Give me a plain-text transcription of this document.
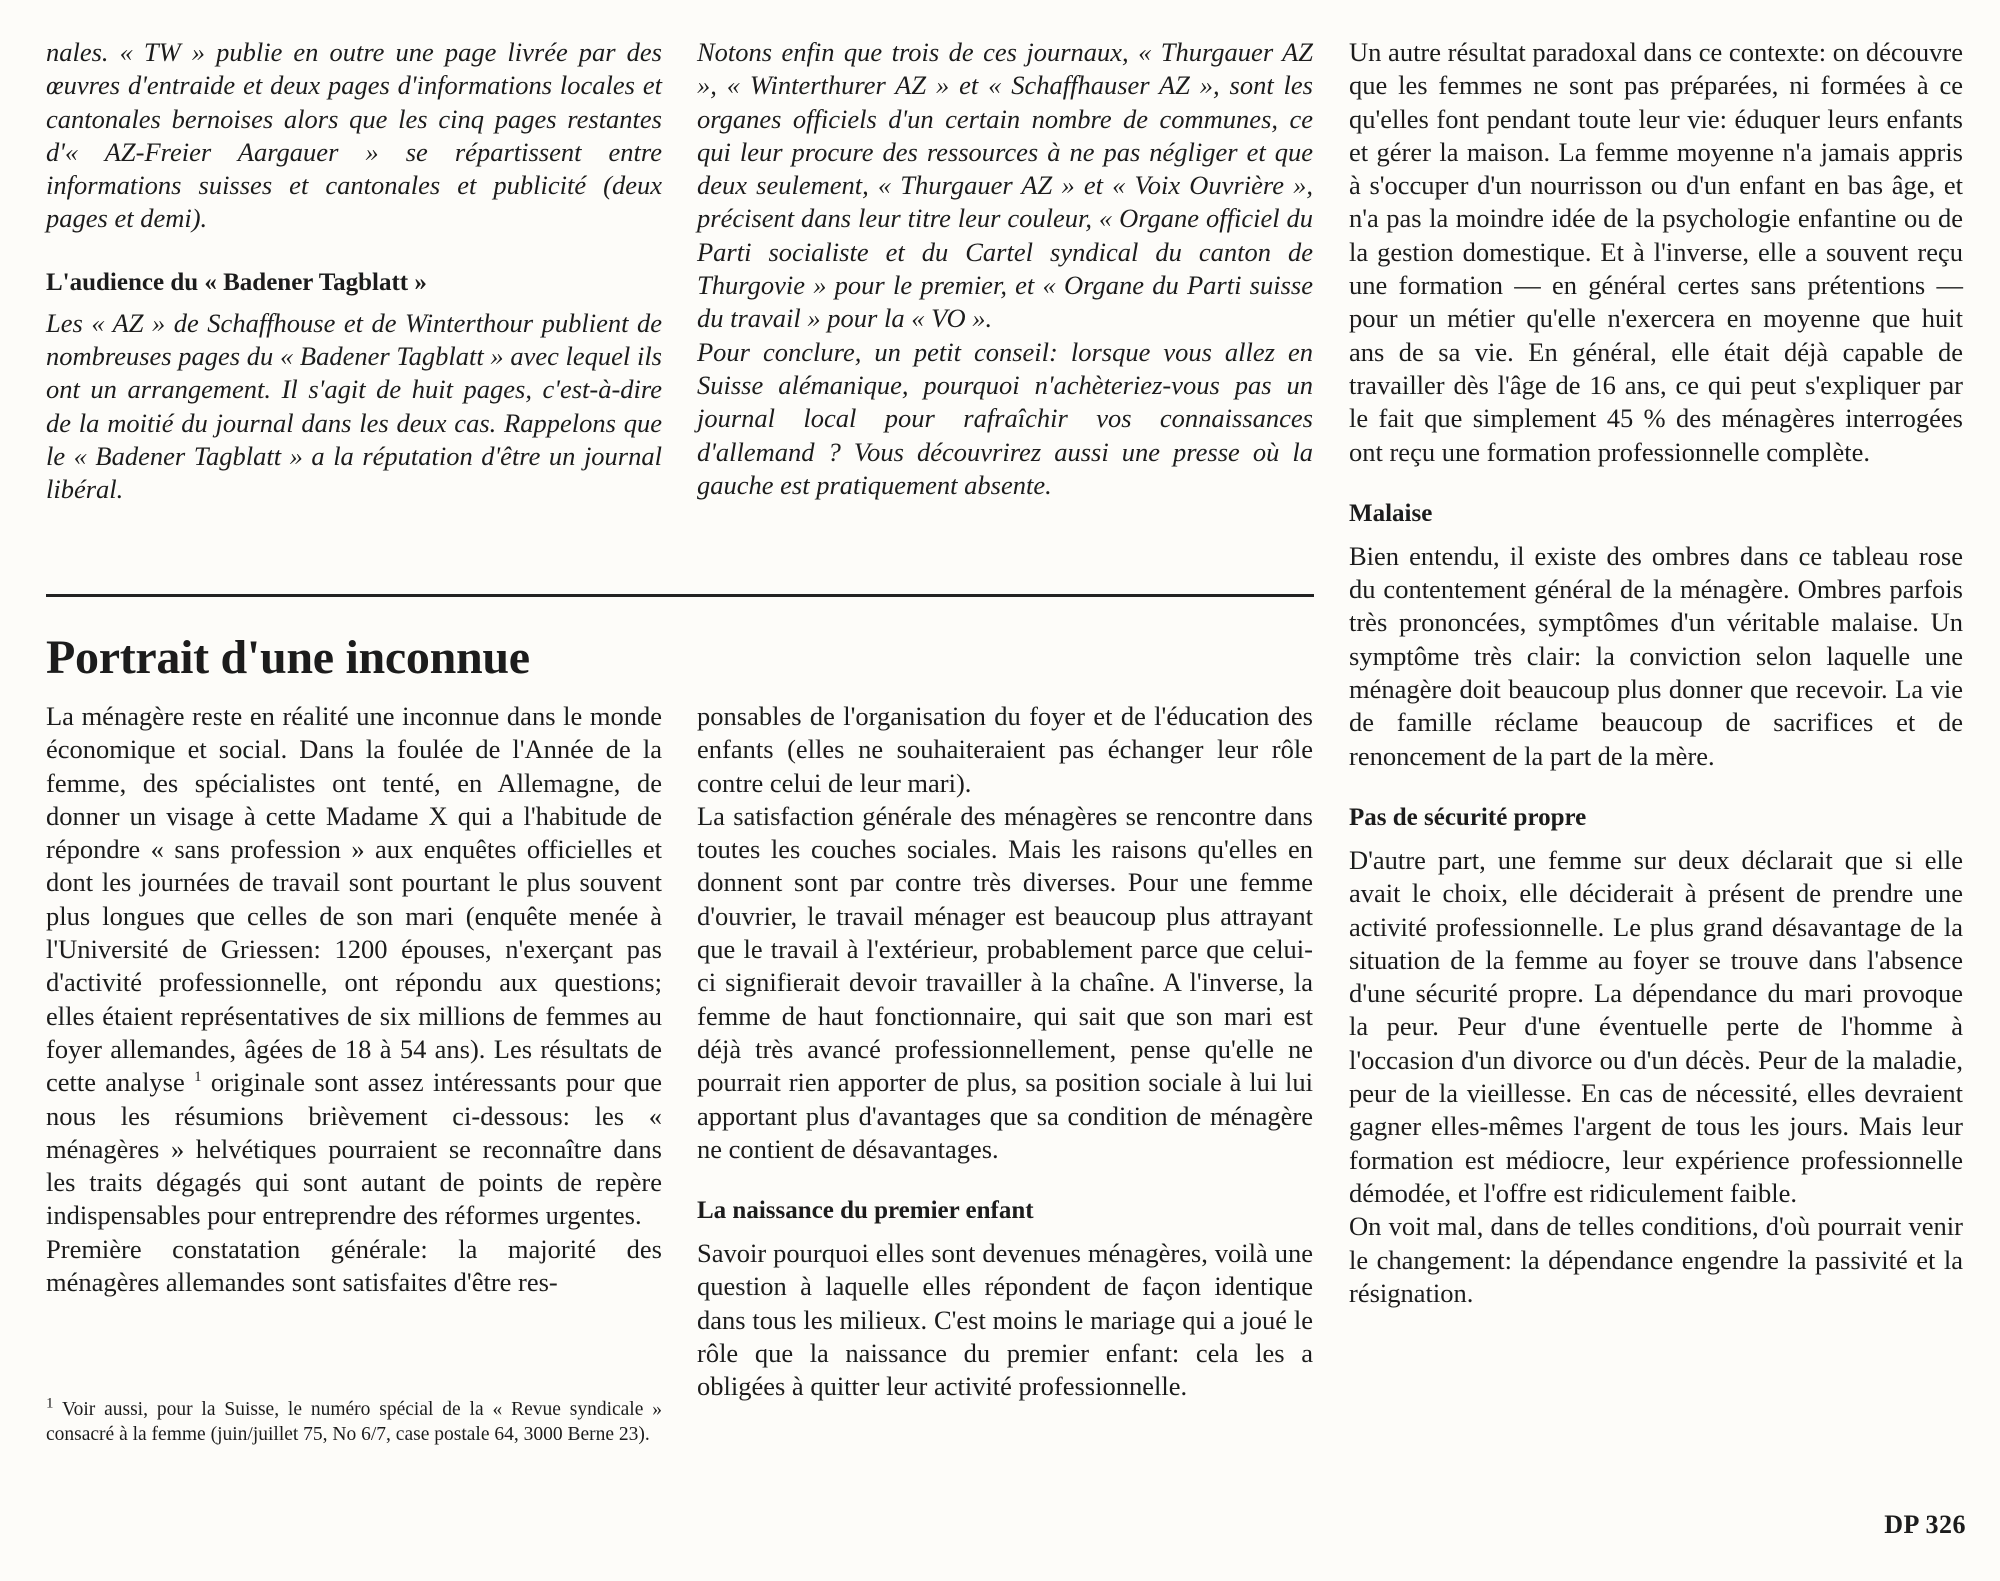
nales. « TW » publie en outre une page livrée par des œuvres d'entraide et deux pages d'informations locales et cantonales bernoises alors que les cinq pages restantes d'« AZ-Freier Aargauer » se répartissent entre informations suisses et cantonales et publicité (deux pages et demi).

L'audience du « Badener Tagblatt »

Les « AZ » de Schaffhouse et de Winterthour publient de nombreuses pages du « Badener Tagblatt » avec lequel ils ont un arrangement. Il s'agit de huit pages, c'est-à-dire de la moitié du journal dans les deux cas. Rappelons que le « Badener Tagblatt » a la réputation d'être un journal libéral.

Notons enfin que trois de ces journaux, « Thurgauer AZ », « Winterthurer AZ » et « Schaffhauser AZ », sont les organes officiels d'un certain nombre de communes, ce qui leur procure des ressources à ne pas négliger et que deux seulement, « Thurgauer AZ » et « Voix Ouvrière », précisent dans leur titre leur couleur, « Organe officiel du Parti socialiste et du Cartel syndical du canton de Thurgovie » pour le premier, et « Organe du Parti suisse du travail » pour la « VO ».

Pour conclure, un petit conseil: lorsque vous allez en Suisse alémanique, pourquoi n'achèteriez-vous pas un journal local pour rafraîchir vos connaissances d'allemand ? Vous découvrirez aussi une presse où la gauche est pratiquement absente.

Portrait d'une inconnue

La ménagère reste en réalité une inconnue dans le monde économique et social. Dans la foulée de l'Année de la femme, des spécialistes ont tenté, en Allemagne, de donner un visage à cette Madame X qui a l'habitude de répondre « sans profession » aux enquêtes officielles et dont les journées de travail sont pourtant le plus souvent plus longues que celles de son mari (enquête menée à l'Université de Griessen: 1200 épouses, n'exerçant pas d'activité professionnelle, ont répondu aux questions; elles étaient représentatives de six millions de femmes au foyer allemandes, âgées de 18 à 54 ans). Les résultats de cette analyse $^1$ originale sont assez intéressants pour que nous les résumions brièvement ci-dessous: les « ménagères » helvétiques pourraient se reconnaître dans les traits dégagés qui sont autant de points de repère indispensables pour entreprendre des réformes urgentes.

Première constatation générale: la majorité des ménagères allemandes sont satisfaites d'être res-

$^1$ Voir aussi, pour la Suisse, le numéro spécial de la « Revue syndicale » consacré à la femme (juin/juillet 75, No 6/7, case postale 64, 3000 Berne 23).

ponsables de l'organisation du foyer et de l'éducation des enfants (elles ne souhaiteraient pas échanger leur rôle contre celui de leur mari).

La satisfaction générale des ménagères se rencontre dans toutes les couches sociales. Mais les raisons qu'elles en donnent sont par contre très diverses. Pour une femme d'ouvrier, le travail ménager est beaucoup plus attrayant que le travail à l'extérieur, probablement parce que celui-ci signifierait devoir travailler à la chaîne. A l'inverse, la femme de haut fonctionnaire, qui sait que son mari est déjà très avancé professionnellement, pense qu'elle ne pourrait rien apporter de plus, sa position sociale à lui lui apportant plus d'avantages que sa condition de ménagère ne contient de désavantages.

La naissance du premier enfant

Savoir pourquoi elles sont devenues ménagères, voilà une question à laquelle elles répondent de façon identique dans tous les milieux. C'est moins le mariage qui a joué le rôle que la naissance du premier enfant: cela les a obligées à quitter leur activité professionnelle.

Un autre résultat paradoxal dans ce contexte: on découvre que les femmes ne sont pas préparées, ni formées à ce qu'elles font pendant toute leur vie: éduquer leurs enfants et gérer la maison. La femme moyenne n'a jamais appris à s'occuper d'un nourrisson ou d'un enfant en bas âge, et n'a pas la moindre idée de la psychologie enfantine ou de la gestion domestique. Et à l'inverse, elle a souvent reçu une formation — en général certes sans prétentions — pour un métier qu'elle n'exercera en moyenne que huit ans de sa vie. En général, elle était déjà capable de travailler dès l'âge de 16 ans, ce qui peut s'expliquer par le fait que simplement 45 % des ménagères interrogées ont reçu une formation professionnelle complète.

Malaise

Bien entendu, il existe des ombres dans ce tableau rose du contentement général de la ménagère. Ombres parfois très prononcées, symptômes d'un véritable malaise. Un symptôme très clair: la conviction selon laquelle une ménagère doit beaucoup plus donner que recevoir. La vie de famille réclame beaucoup de sacrifices et de renoncement de la part de la mère.

Pas de sécurité propre

D'autre part, une femme sur deux déclarait que si elle avait le choix, elle déciderait à présent de prendre une activité professionnelle. Le plus grand désavantage de la situation de la femme au foyer se trouve dans l'absence d'une sécurité propre. La dépendance du mari provoque la peur. Peur d'une éventuelle perte de l'homme à l'occasion d'un divorce ou d'un décès. Peur de la maladie, peur de la vieillesse. En cas de nécessité, elles devraient gagner elles-mêmes l'argent de tous les jours. Mais leur formation est médiocre, leur expérience professionnelle démodée, et l'offre est ridiculement faible.

On voit mal, dans de telles conditions, d'où pourrait venir le changement: la dépendance engendre la passivité et la résignation.

DP 326
